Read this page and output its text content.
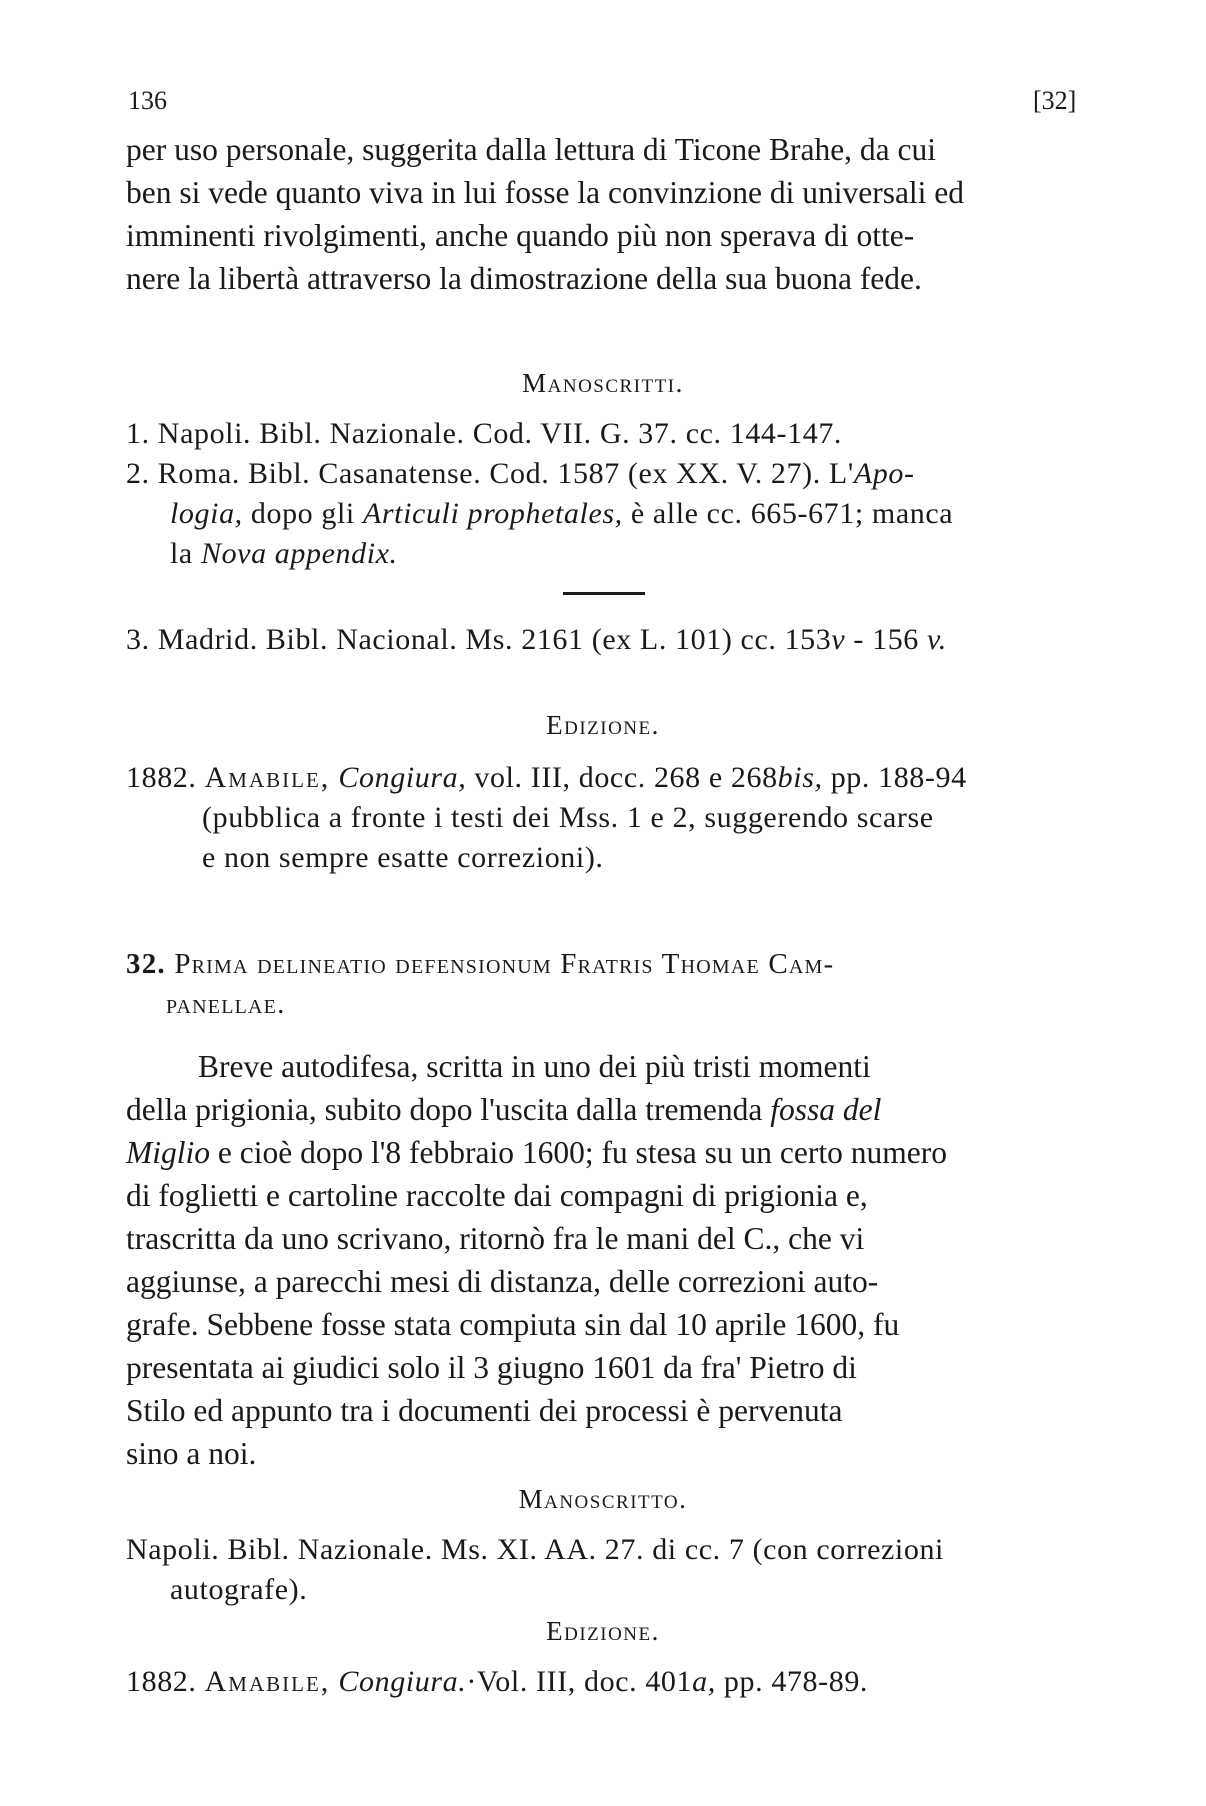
136	[32]
per uso personale, suggerita dalla lettura di Ticone Brahe, da cui
ben si vede quanto viva in lui fosse la convinzione di universali ed
imminenti rivolgimenti, anche quando più non sperava di otte-
nere la libertà attraverso la dimostrazione della sua buona fede.
Manoscritti.
1. Napoli. Bibl. Nazionale. Cod. VII. G. 37. cc. 144-147.
2. Roma. Bibl. Casanatense. Cod. 1587 (ex XX. V. 27). L'Apo-
logia, dopo gli Articuli prophetales, è alle cc. 665-671; manca
la Nova appendix.
3. Madrid. Bibl. Nacional. Ms. 2161 (ex L. 101) cc. 153v - 156 v.
Edizione.
1882. Amabile, Congiura, vol. III, docc. 268 e 268bis, pp. 188-94
(pubblica a fronte i testi dei Mss. 1 e 2, suggerendo scarse
e non sempre esatte correzioni).
32. Prima delineatio defensionum Fratris Thomae Cam-
panellae.
Breve autodifesa, scritta in uno dei più tristi momenti
della prigionia, subito dopo l'uscita dalla tremenda fossa del
Miglio e cioè dopo l'8 febbraio 1600; fu stesa su un certo numero
di foglietti e cartoline raccolte dai compagni di prigionia e,
trascritta da uno scrivano, ritornò fra le mani del C., che vi
aggiunse, a parecchi mesi di distanza, delle correzioni auto-
grafe. Sebbene fosse stata compiuta sin dal 10 aprile 1600, fu
presentata ai giudici solo il 3 giugno 1601 da fra' Pietro di
Stilo ed appunto tra i documenti dei processi è pervenuta
sino a noi.
Manoscritto.
Napoli. Bibl. Nazionale. Ms. XI. AA. 27. di cc. 7 (con correzioni
autografe).
Edizione.
1882. Amabile, Congiura.·Vol. III, doc. 401a, pp. 478-89.
